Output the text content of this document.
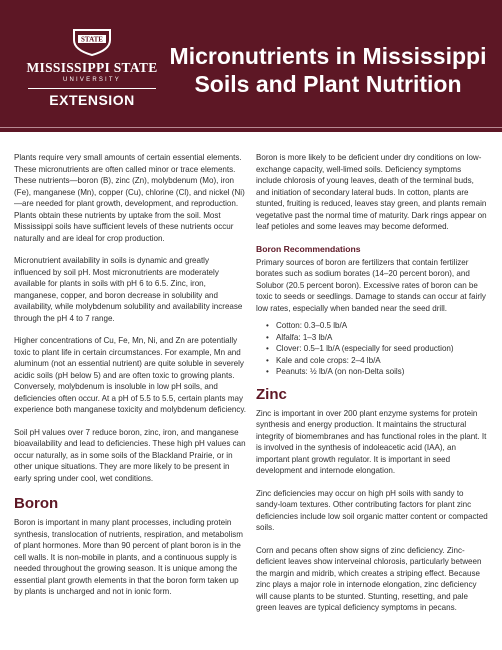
STATE
MISSISSIPPI STATE
UNIVERSITY
EXTENSION
Micronutrients in Mississippi Soils and Plant Nutrition

Plants require very small amounts of certain essential elements. These micronutrients are often called minor or trace elements. These nutrients—boron (B), zinc (Zn), molybdenum (Mo), iron (Fe), manganese (Mn), copper (Cu), chlorine (Cl), and nickel (Ni)—are needed for plant growth, development, and reproduction. Plants obtain these nutrients by uptake from the soil. Most Mississippi soils have sufficient levels of these nutrients occur naturally and are ideal for crop production.

Micronutrient availability in soils is dynamic and greatly influenced by soil pH. Most micronutrients are moderately available for plants in soils with pH 6 to 6.5. Zinc, iron, manganese, copper, and boron decrease in solubility and availability, while molybdenum solubility and availability increase through the pH 4 to 7 range.

Higher concentrations of Cu, Fe, Mn, Ni, and Zn are potentially toxic to plant life in certain circumstances. For example, Mn and aluminum (not an essential nutrient) are quite soluble in severely acidic soils (pH below 5) and are often toxic to growing plants. Conversely, molybdenum is insoluble in low pH soils, and deficiencies often occur. At a pH of 5.5 to 5.5, certain plants may experience both manganese toxicity and molybdenum deficiency.

Soil pH values over 7 reduce boron, zinc, iron, and manganese bioavailability and lead to deficiencies. These high pH values can occur naturally, as in some soils of the Blackland Prairie, or in other unique situations. They are more likely to be present in early spring under cool, wet conditions.

Boron

Boron is important in many plant processes, including protein synthesis, translocation of nutrients, respiration, and metabolism of plant hormones. More than 90 percent of plant boron is in the cell walls. It is non-mobile in plants, and a continuous supply is needed throughout the growing season. It is unique among the essential plant growth elements in that the boron form taken up by plants is uncharged and not in ionic form.

Boron is more likely to be deficient under dry conditions on low-exchange capacity, well-limed soils. Deficiency symptoms include chlorosis of young leaves, death of the terminal buds, and initiation of secondary lateral buds. In cotton, plants are stunted, fruiting is reduced, leaves stay green, and plants remain vegetative past the normal time of maturity. Dark rings appear on leaf petioles and some leaves may become deformed.

Boron Recommendations

Primary sources of boron are fertilizers that contain fertilizer borates such as sodium borates (14–20 percent boron), and Solubor (20.5 percent boron). Excessive rates of boron can be toxic to seeds or seedlings. Damage to stands can occur at fairly low rates, especially when banded near the seed drill.

• Cotton: 0.3–0.5 lb/A
• Alfalfa: 1–3 lb/A
• Clover: 0.5–1 lb/A (especially for seed production)
• Kale and cole crops: 2–4 lb/A
• Peanuts: ½ lb/A (on non-Delta soils)
Zinc

Zinc is important in over 200 plant enzyme systems for protein synthesis and energy production. It maintains the structural integrity of biomembranes and has functional roles in the plant. It is involved in the synthesis of indoleacetic acid (IAA), an important plant growth regulator. It is important in seed development and internode elongation.

Zinc deficiencies may occur on high pH soils with sandy to sandy-loam textures. Other contributing factors for plant zinc deficiencies include low soil organic matter content or compacted soils.

Corn and pecans often show signs of zinc deficiency. Zinc-deficient leaves show interveinal chlorosis, particularly between the margin and midrib, which creates a striping effect. Because zinc plays a major role in internode elongation, zinc deficiency will cause plants to be stunted. Stunting, resetting, and pale green leaves are typical deficiency symptoms in pecans.
